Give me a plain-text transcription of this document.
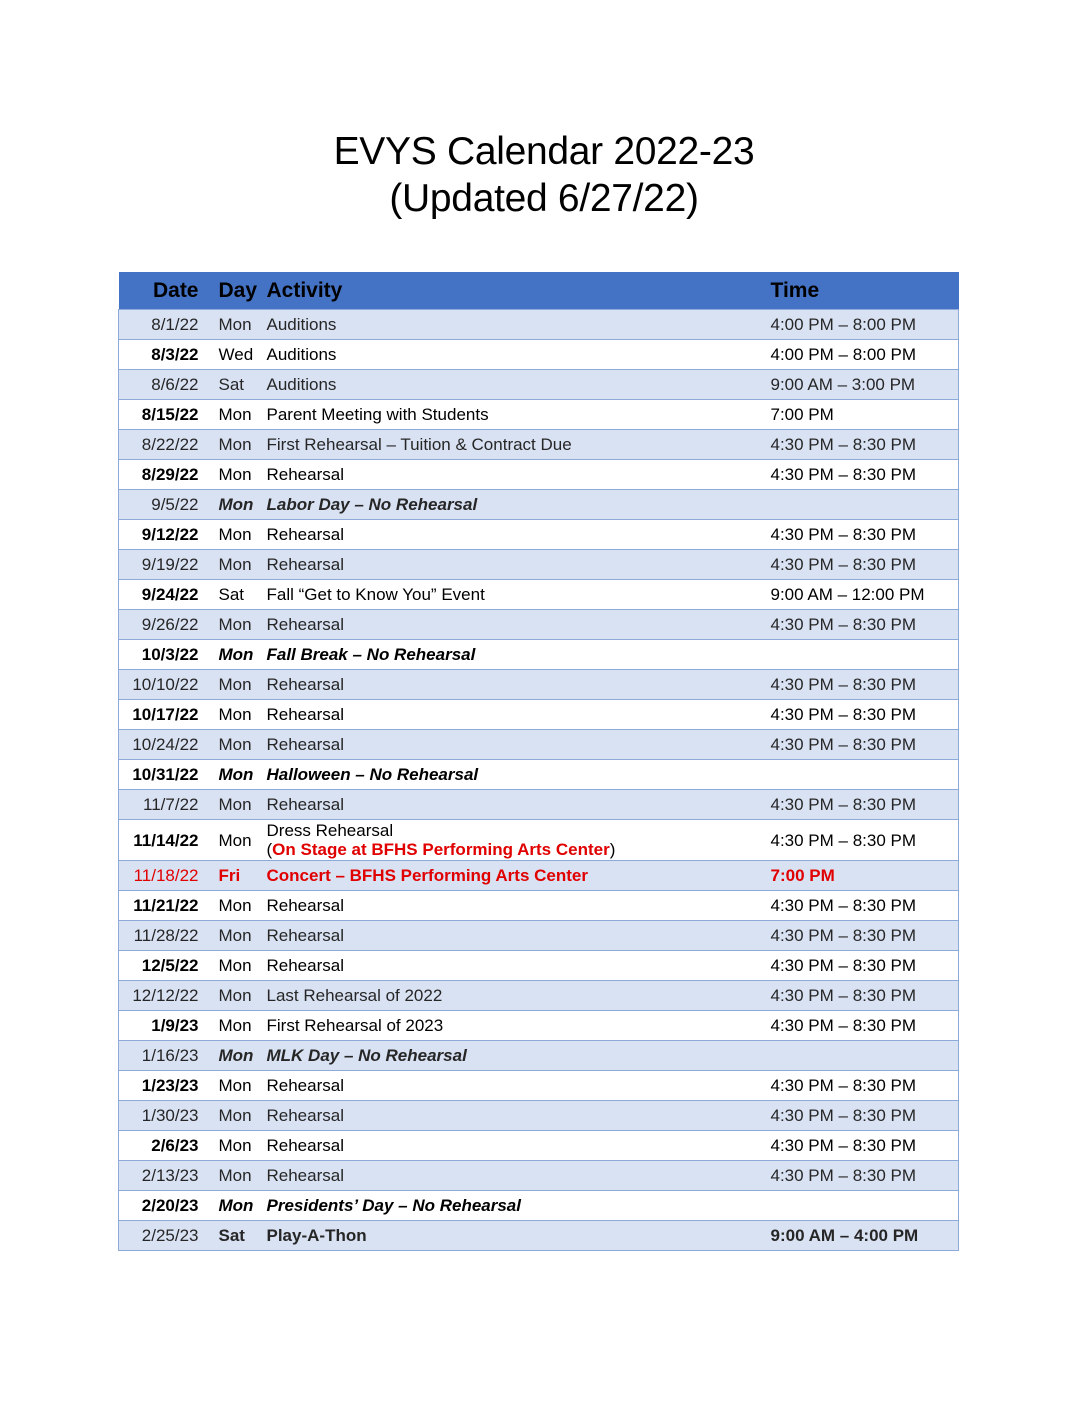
EVYS Calendar 2022-23
(Updated 6/27/22)
Date	Day	Activity	Time
8/1/22	Mon	Auditions	4:00 PM – 8:00 PM
8/3/22	Wed	Auditions	4:00 PM – 8:00 PM
8/6/22	Sat	Auditions	9:00 AM – 3:00 PM
8/15/22	Mon	Parent Meeting with Students	7:00 PM
8/22/22	Mon	First Rehearsal – Tuition & Contract Due	4:30 PM – 8:30 PM
8/29/22	Mon	Rehearsal	4:30 PM – 8:30 PM
9/5/22	Mon	Labor Day – No Rehearsal	
9/12/22	Mon	Rehearsal	4:30 PM – 8:30 PM
9/19/22	Mon	Rehearsal	4:30 PM – 8:30 PM
9/24/22	Sat	Fall “Get to Know You” Event	9:00 AM – 12:00 PM
9/26/22	Mon	Rehearsal	4:30 PM – 8:30 PM
10/3/22	Mon	Fall Break – No Rehearsal	
10/10/22	Mon	Rehearsal	4:30 PM – 8:30 PM
10/17/22	Mon	Rehearsal	4:30 PM – 8:30 PM
10/24/22	Mon	Rehearsal	4:30 PM – 8:30 PM
10/31/22	Mon	Halloween – No Rehearsal	
11/7/22	Mon	Rehearsal	4:30 PM – 8:30 PM
11/14/22	Mon	Dress Rehearsal
(On Stage at BFHS Performing Arts Center)	4:30 PM – 8:30 PM
11/18/22	Fri	Concert – BFHS Performing Arts Center	7:00 PM
11/21/22	Mon	Rehearsal	4:30 PM – 8:30 PM
11/28/22	Mon	Rehearsal	4:30 PM – 8:30 PM
12/5/22	Mon	Rehearsal	4:30 PM – 8:30 PM
12/12/22	Mon	Last Rehearsal of 2022	4:30 PM – 8:30 PM
1/9/23	Mon	First Rehearsal of 2023	4:30 PM – 8:30 PM
1/16/23	Mon	MLK Day – No Rehearsal	
1/23/23	Mon	Rehearsal	4:30 PM – 8:30 PM
1/30/23	Mon	Rehearsal	4:30 PM – 8:30 PM
2/6/23	Mon	Rehearsal	4:30 PM – 8:30 PM
2/13/23	Mon	Rehearsal	4:30 PM – 8:30 PM
2/20/23	Mon	Presidents’ Day – No Rehearsal	
2/25/23	Sat	Play-A-Thon	9:00 AM – 4:00 PM
